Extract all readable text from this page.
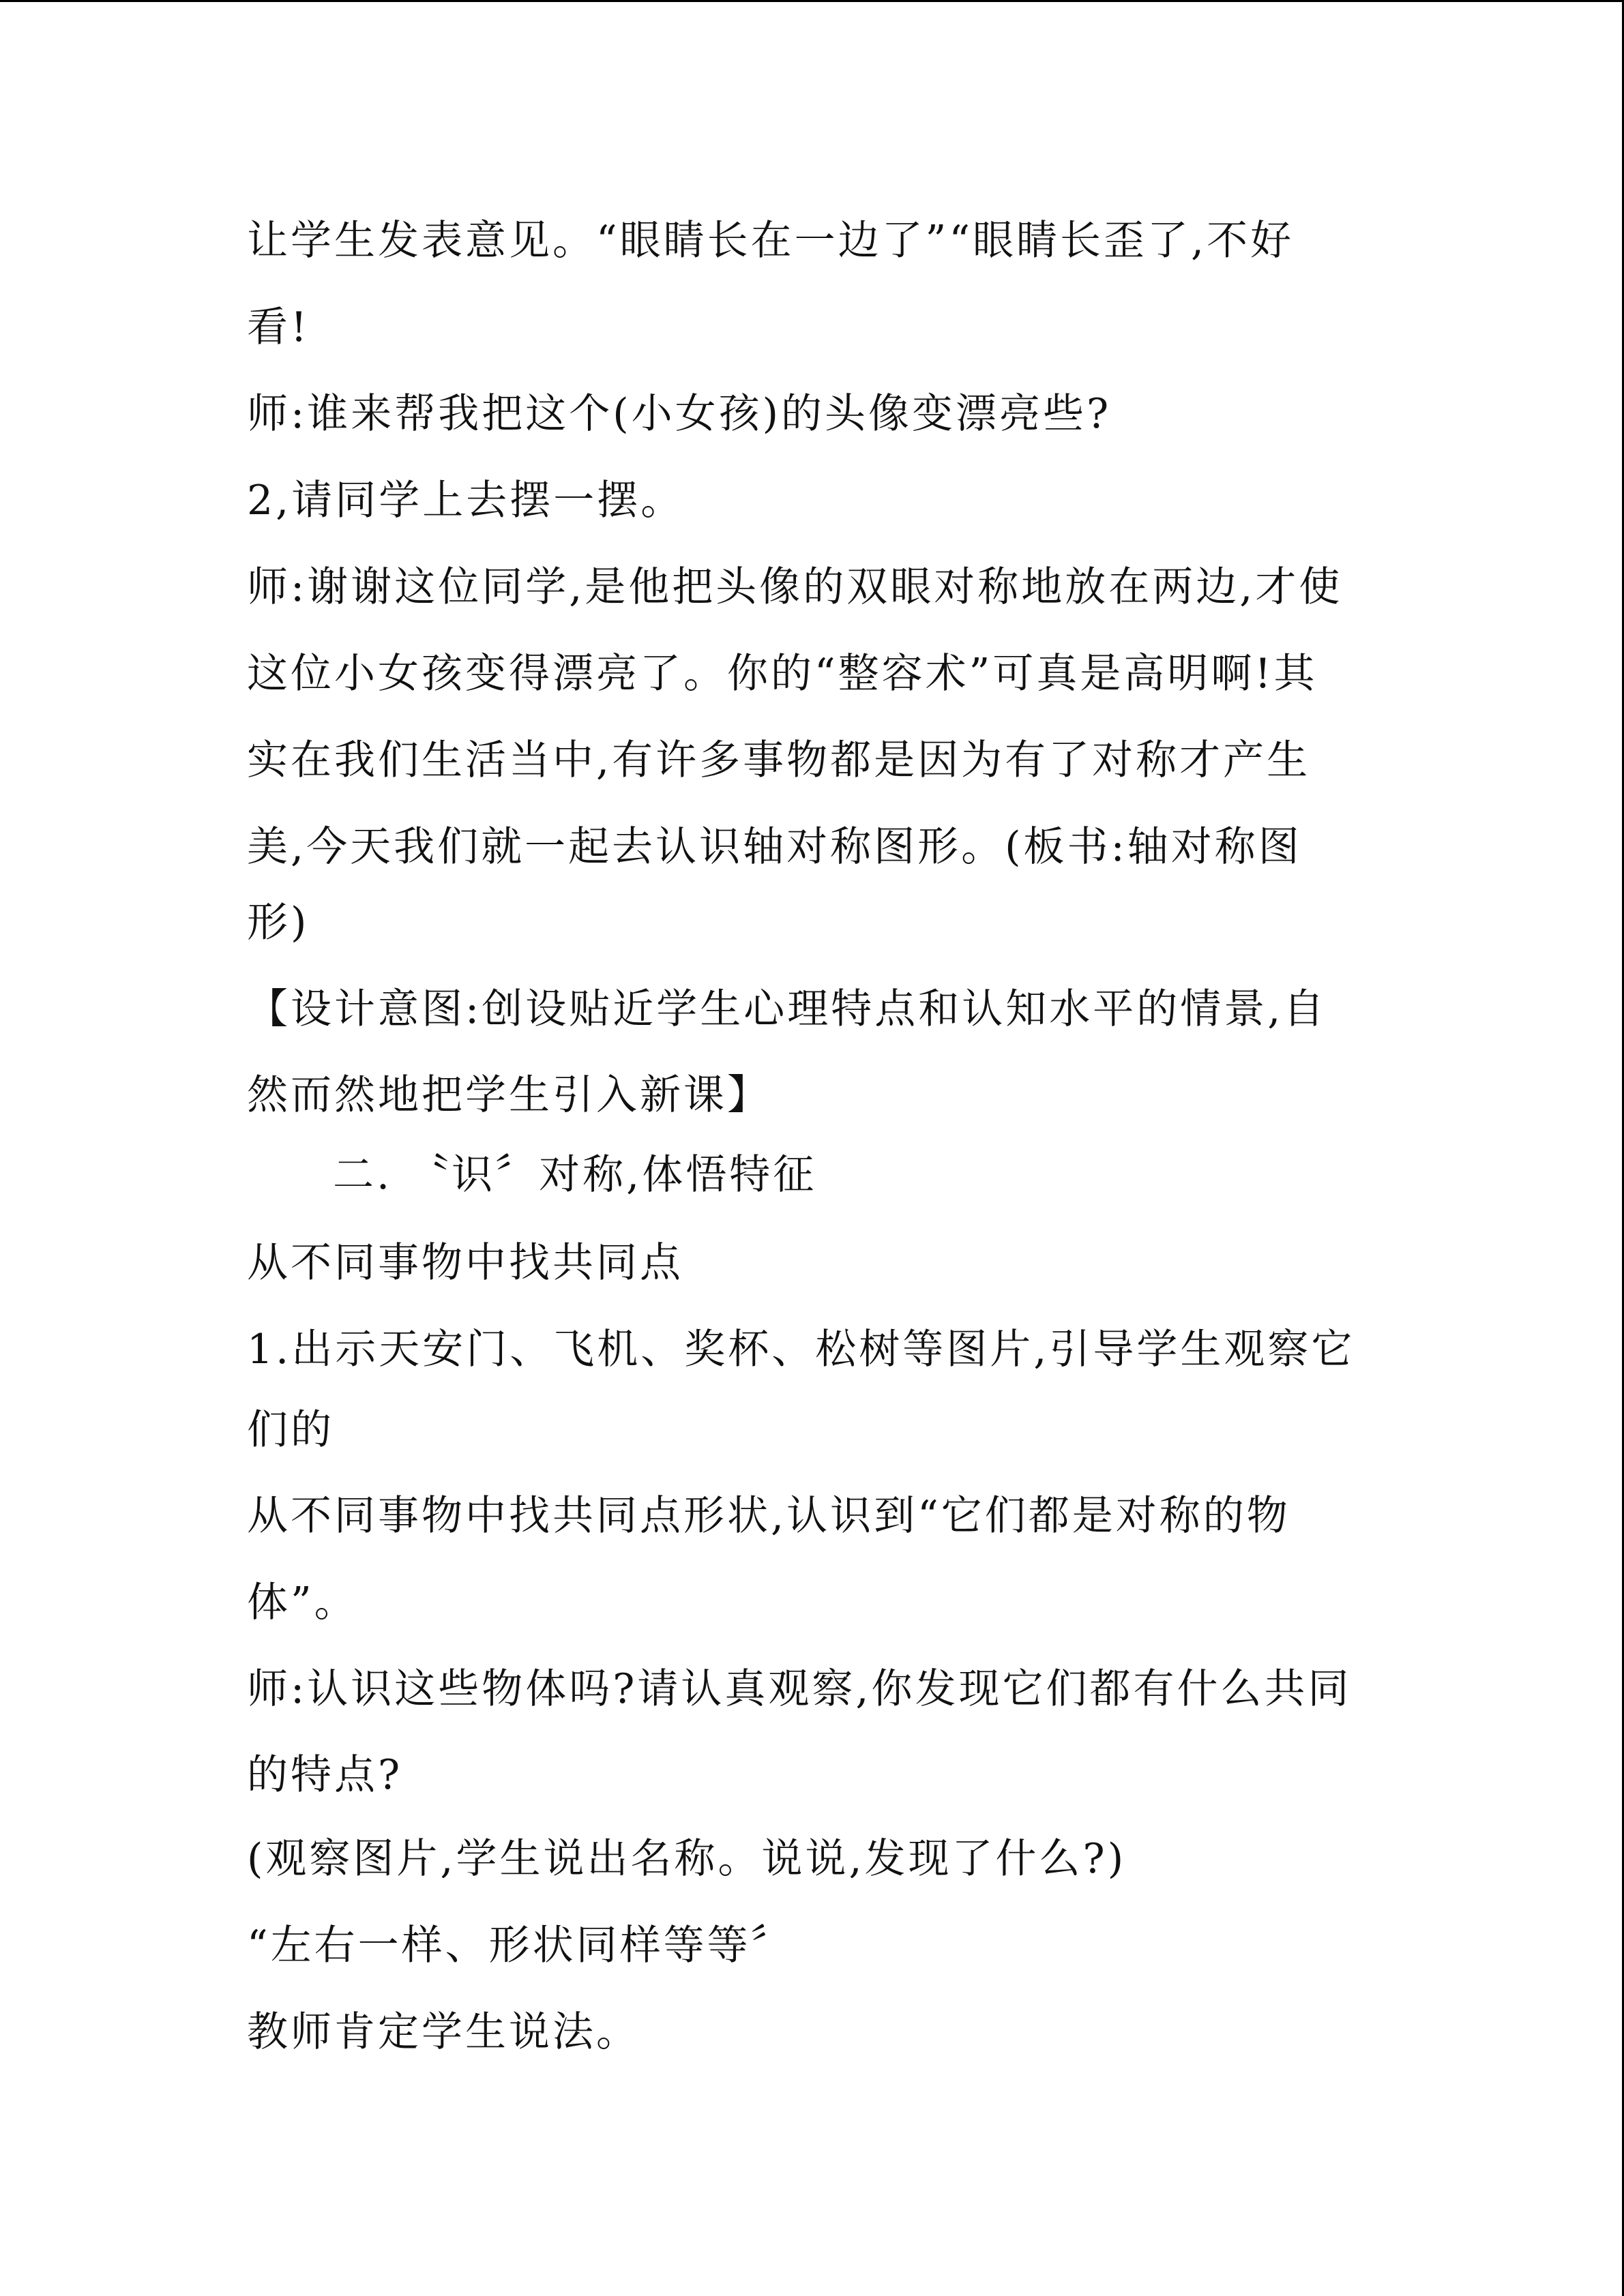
让学生发表意见。“眼睛长在一边了”“眼睛长歪了,不好
看!
师:谁来帮我把这个(小女孩)的头像变漂亮些?
2,请同学上去摆一摆。
师:谢谢这位同学,是他把头像的双眼对称地放在两边,才使
这位小女孩变得漂亮了。你的“整容术”可真是高明啊!其
实在我们生活当中,有许多事物都是因为有了对称才产生
美,今天我们就一起去认识轴对称图形。(板书:轴对称图
形)
【设计意图:创设贴近学生心理特点和认知水平的情景,自
然而然地把学生引入新课】
二. 〝识〞对称,体悟特征
从不同事物中找共同点
1.出示天安门、飞机、奖杯、松树等图片,引导学生观察它
们的
从不同事物中找共同点形状,认识到“它们都是对称的物
体”。
师:认识这些物体吗?请认真观察,你发现它们都有什么共同
的特点?
(观察图片,学生说出名称。说说,发现了什么?)
“左右一样、形状同样等等〞
教师肯定学生说法。
